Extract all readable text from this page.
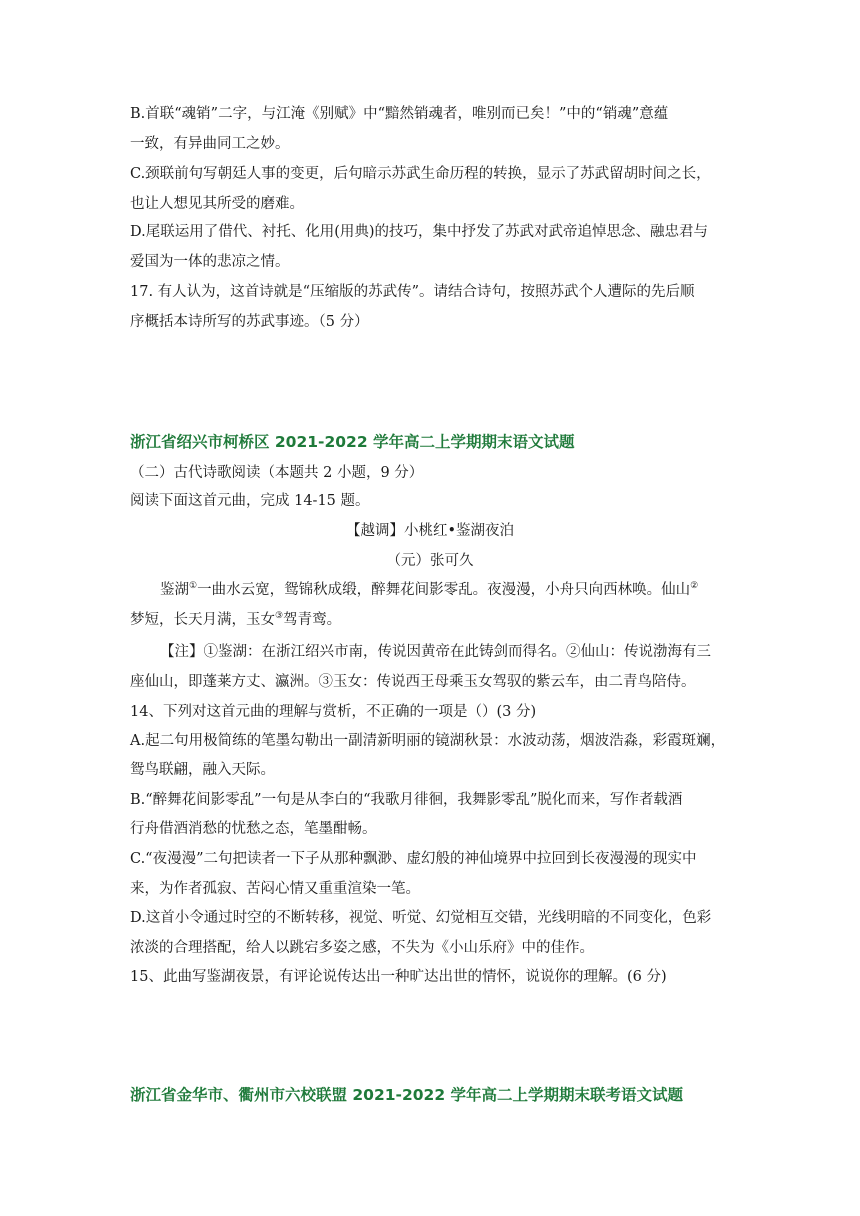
B.首联“魂销”二字，与江淹《别赋》中“黯然销魂者，唯别而已矣！”中的“销魂”意蕴
一致，有异曲同工之妙。
C.颈联前句写朝廷人事的变更，后句暗示苏武生命历程的转换，显示了苏武留胡时间之长，
也让人想见其所受的磨难。
D.尾联运用了借代、衬托、化用(用典)的技巧，集中抒发了苏武对武帝追悼思念、融忠君与
爱国为一体的悲凉之情。
17. 有人认为，这首诗就是“压缩版的苏武传”。请结合诗句，按照苏武个人遭际的先后顺
序概括本诗所写的苏武事迹。（5 分）
浙江省绍兴市柯桥区 2021-2022 学年高二上学期期末语文试题
（二）古代诗歌阅读（本题共 2 小题，9 分）
阅读下面这首元曲，完成 14-15 题。
【越调】小桃红•鉴湖夜泊
（元）张可久
鉴湖①一曲水云宽，鸳锦秋成缎，醉舞花间影零乱。夜漫漫，小舟只向西林唤。仙山②
梦短，长天月满，玉女③驾青鸾。
【注】①鉴湖：在浙江绍兴市南，传说因黄帝在此铸剑而得名。②仙山：传说渤海有三
座仙山，即蓬莱方丈、瀛洲。③玉女：传说西王母乘玉女驾驭的紫云车，由二青鸟陪侍。
14、下列对这首元曲的理解与赏析，不正确的一项是（）(3 分)
A.起二句用极简练的笔墨勾勒出一副清新明丽的镜湖秋景：水波动荡，烟波浩淼，彩霞斑斓，
鸳鸟联翩，融入天际。
B.“醉舞花间影零乱”一句是从李白的“我歌月徘徊，我舞影零乱”脱化而来，写作者载酒
行舟借酒消愁的忧愁之态，笔墨酣畅。
C.“夜漫漫”二句把读者一下子从那种飘渺、虚幻般的神仙境界中拉回到长夜漫漫的现实中
来，为作者孤寂、苦闷心情又重重渲染一笔。
D.这首小令通过时空的不断转移，视觉、听觉、幻觉相互交错，光线明暗的不同变化，色彩
浓淡的合理搭配，给人以跳宕多姿之感，不失为《小山乐府》中的佳作。
15、此曲写鉴湖夜景，有评论说传达出一种旷达出世的情怀，说说你的理解。(6 分)
浙江省金华市、衢州市六校联盟 2021-2022 学年高二上学期期末联考语文试题
